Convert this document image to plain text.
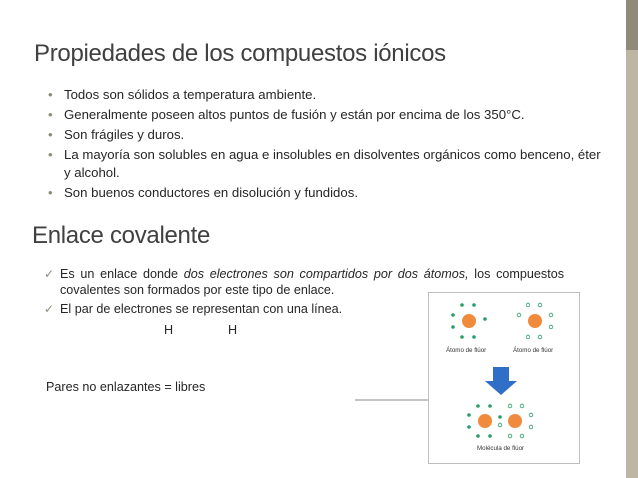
Propiedades de los compuestos iónicos
• Todos son sólidos a temperatura ambiente.
• Generalmente poseen altos puntos de fusión y están por encima de los 350°C.
• Son frágiles y duros.
• La mayoría son solubles en agua e insolubles en disolventes orgánicos como benceno, éter y alcohol.
• Son buenos conductores en disolución y fundidos.
Enlace covalente
✓ Es un enlace donde dos electrones son compartidos por dos átomos, los compuestos covalentes son formados por este tipo de enlace.
✓ El par de electrones se representan con una línea.
H	H
Pares no enlazantes = libres
Átomo de flúor	Átomo de flúor
Molécula de flúor
